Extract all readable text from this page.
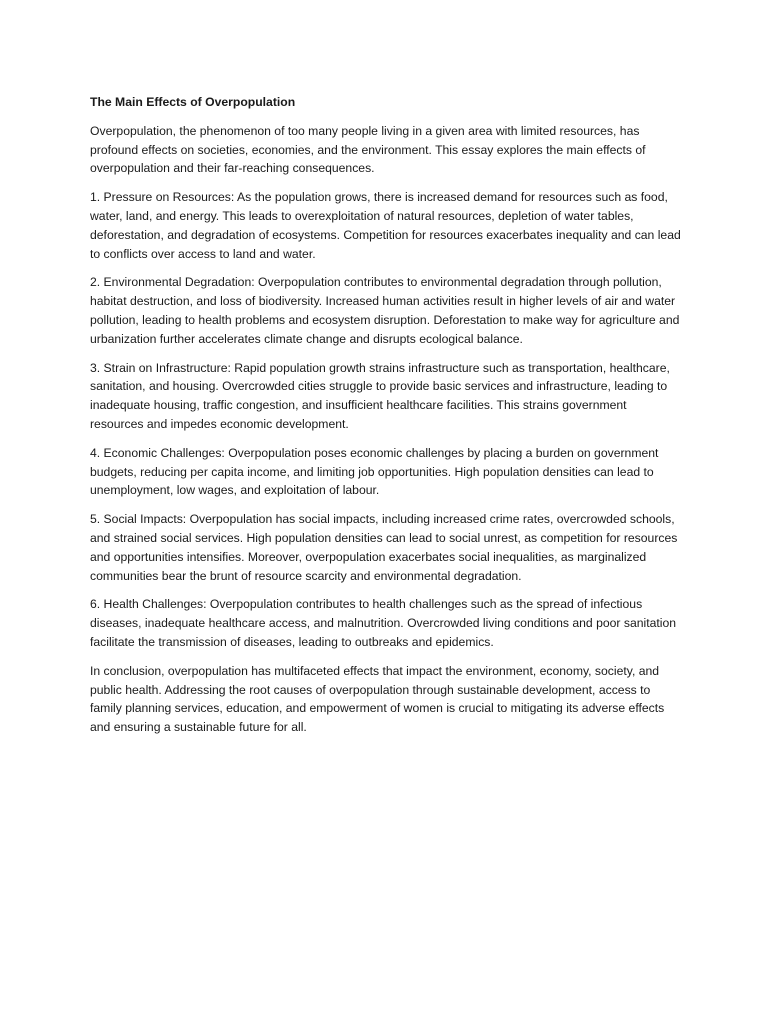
The Main Effects of Overpopulation

Overpopulation, the phenomenon of too many people living in a given area with limited resources, has profound effects on societies, economies, and the environment. This essay explores the main effects of overpopulation and their far-reaching consequences.

1. Pressure on Resources: As the population grows, there is increased demand for resources such as food, water, land, and energy. This leads to overexploitation of natural resources, depletion of water tables, deforestation, and degradation of ecosystems. Competition for resources exacerbates inequality and can lead to conflicts over access to land and water.

2. Environmental Degradation: Overpopulation contributes to environmental degradation through pollution, habitat destruction, and loss of biodiversity. Increased human activities result in higher levels of air and water pollution, leading to health problems and ecosystem disruption. Deforestation to make way for agriculture and urbanization further accelerates climate change and disrupts ecological balance.

3. Strain on Infrastructure: Rapid population growth strains infrastructure such as transportation, healthcare, sanitation, and housing. Overcrowded cities struggle to provide basic services and infrastructure, leading to inadequate housing, traffic congestion, and insufficient healthcare facilities. This strains government resources and impedes economic development.

4. Economic Challenges: Overpopulation poses economic challenges by placing a burden on government budgets, reducing per capita income, and limiting job opportunities. High population densities can lead to unemployment, low wages, and exploitation of labour.

5. Social Impacts: Overpopulation has social impacts, including increased crime rates, overcrowded schools, and strained social services. High population densities can lead to social unrest, as competition for resources and opportunities intensifies. Moreover, overpopulation exacerbates social inequalities, as marginalized communities bear the brunt of resource scarcity and environmental degradation.

6. Health Challenges: Overpopulation contributes to health challenges such as the spread of infectious diseases, inadequate healthcare access, and malnutrition. Overcrowded living conditions and poor sanitation facilitate the transmission of diseases, leading to outbreaks and epidemics.

In conclusion, overpopulation has multifaceted effects that impact the environment, economy, society, and public health. Addressing the root causes of overpopulation through sustainable development, access to family planning services, education, and empowerment of women is crucial to mitigating its adverse effects and ensuring a sustainable future for all.
